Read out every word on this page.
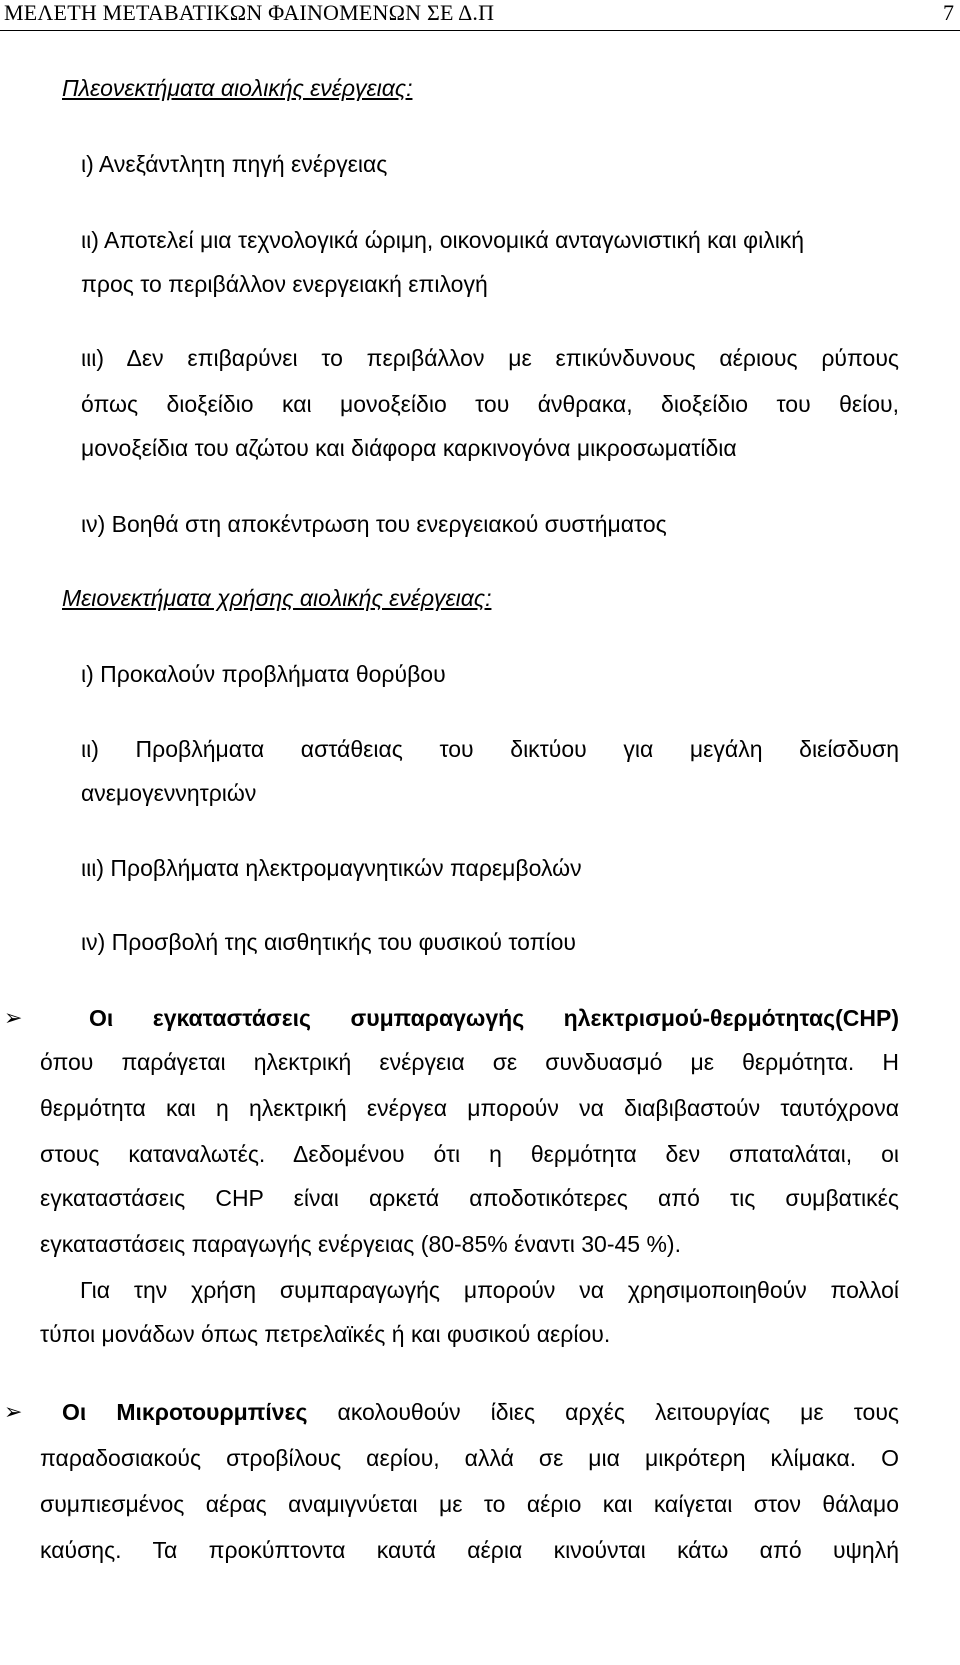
ΜΕΛΕΤΗ ΜΕΤΑΒΑΤΙΚΩΝ ΦΑΙΝΟΜΕΝΩΝ ΣΕ Δ.Π	7
Πλεονεκτήματα αιολικής ενέργειας:
ι) Ανεξάντλητη πηγή ενέργειας
ιι) Αποτελεί μια τεχνολογικά ώριμη, οικονομικά ανταγωνιστική και φιλική
προς το περιβάλλον ενεργειακή επιλογή
ιιι) Δεν επιβαρύνει το περιβάλλον με επικύνδυνους αέριους ρύπους
όπως διοξείδιο και μονοξείδιο του άνθρακα, διοξείδιο του θείου,
μονοξείδια του αζώτου και διάφορα καρκινογόνα μικροσωματίδια
ιν) Βοηθά στη αποκέντρωση του ενεργειακού συστήματος
Μειονεκτήματα χρήσης αιολικής ενέργειας:
ι) Προκαλούν προβλήματα θορύβου
ιι) Προβλήματα αστάθειας του δικτύου για μεγάλη διείσδυση
ανεμογεννητριών
ιιι) Προβλήματα ηλεκτρομαγνητικών παρεμβολών
ιν) Προσβολή της αισθητικής του φυσικού τοπίου
➢	Οι εγκαταστάσεις συμπαραγωγής ηλεκτρισμού-θερμότητας(CHP)
όπου παράγεται ηλεκτρική ενέργεια σε συνδυασμό με θερμότητα. Η
θερμότητα και η ηλεκτρική ενέργεα μπορούν να διαβιβαστούν ταυτόχρονα
στους καταναλωτές. Δεδομένου ότι η θερμότητα δεν σπαταλάται, οι
εγκαταστάσεις CHP είναι αρκετά αποδοτικότερες από τις συμβατικές
εγκαταστάσεις παραγωγής ενέργειας (80-85% έναντι 30-45 %).
Για την χρήση συμπαραγωγής μπορούν να χρησιμοποιηθούν πολλοί
τύποι μονάδων όπως πετρελαϊκές ή και φυσικού αερίου.
➢ Οι Μικροτουρμπίνες ακολουθούν ίδιες αρχές λειτουργίας με τους
παραδοσιακούς στροβίλους αερίου, αλλά σε μια μικρότερη κλίμακα. Ο
συμπιεσμένος αέρας αναμιγνύεται με το αέριο και καίγεται στον θάλαμο
καύσης. Τα προκύπτοντα καυτά αέρια κινούνται κάτω από υψηλή
